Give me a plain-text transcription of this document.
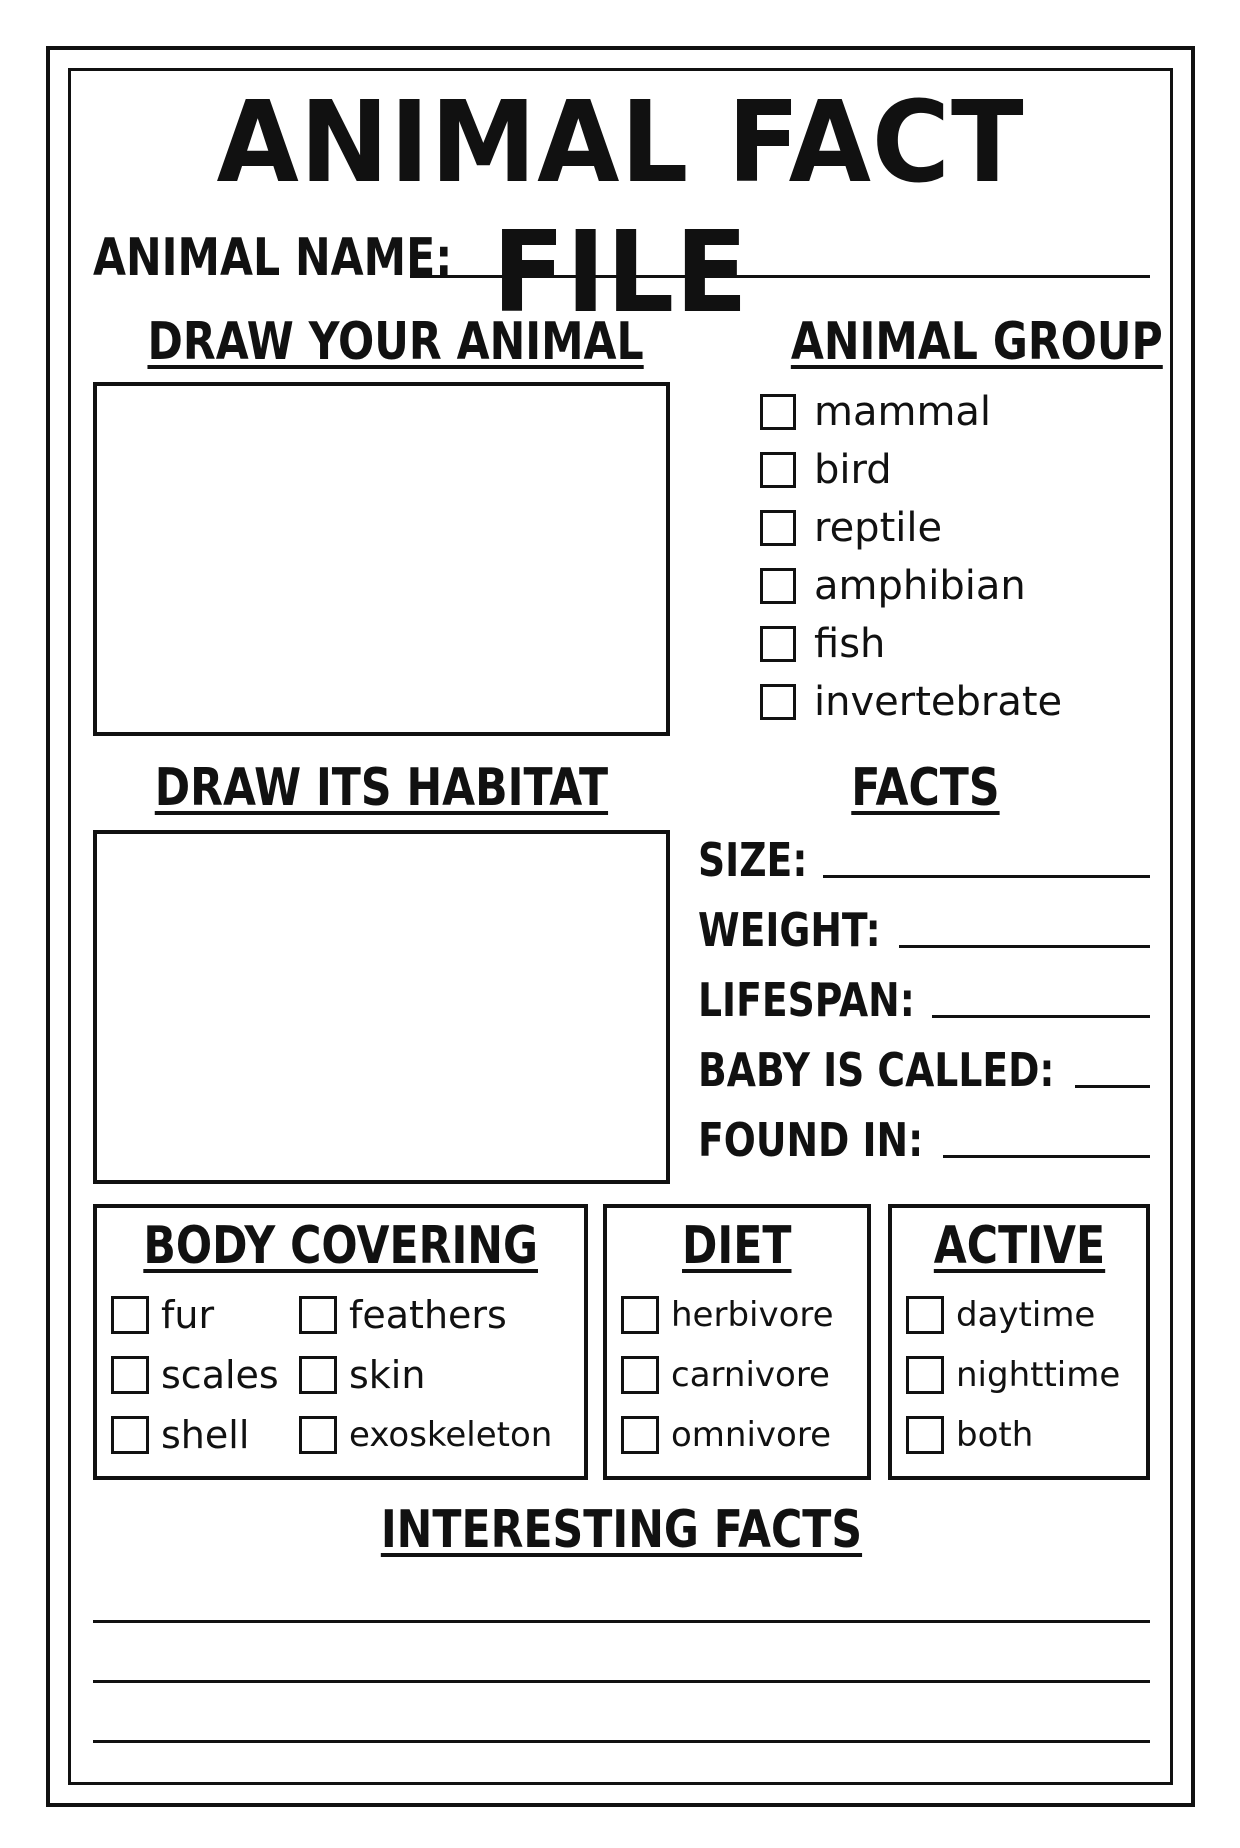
ANIMAL FACT FILE
ANIMAL NAME:
DRAW YOUR ANIMAL	ANIMAL GROUP
mammal
bird
reptile
amphibian
fish
invertebrate
DRAW ITS HABITAT	FACTS
SIZE:
WEIGHT:
LIFESPAN:
BABY IS CALLED:
FOUND IN:
BODY COVERING
fur
scales
shell
feathers
skin
exoskeleton
DIET
herbivore
carnivore
omnivore
ACTIVE
daytime
nighttime
both
INTERESTING FACTS
